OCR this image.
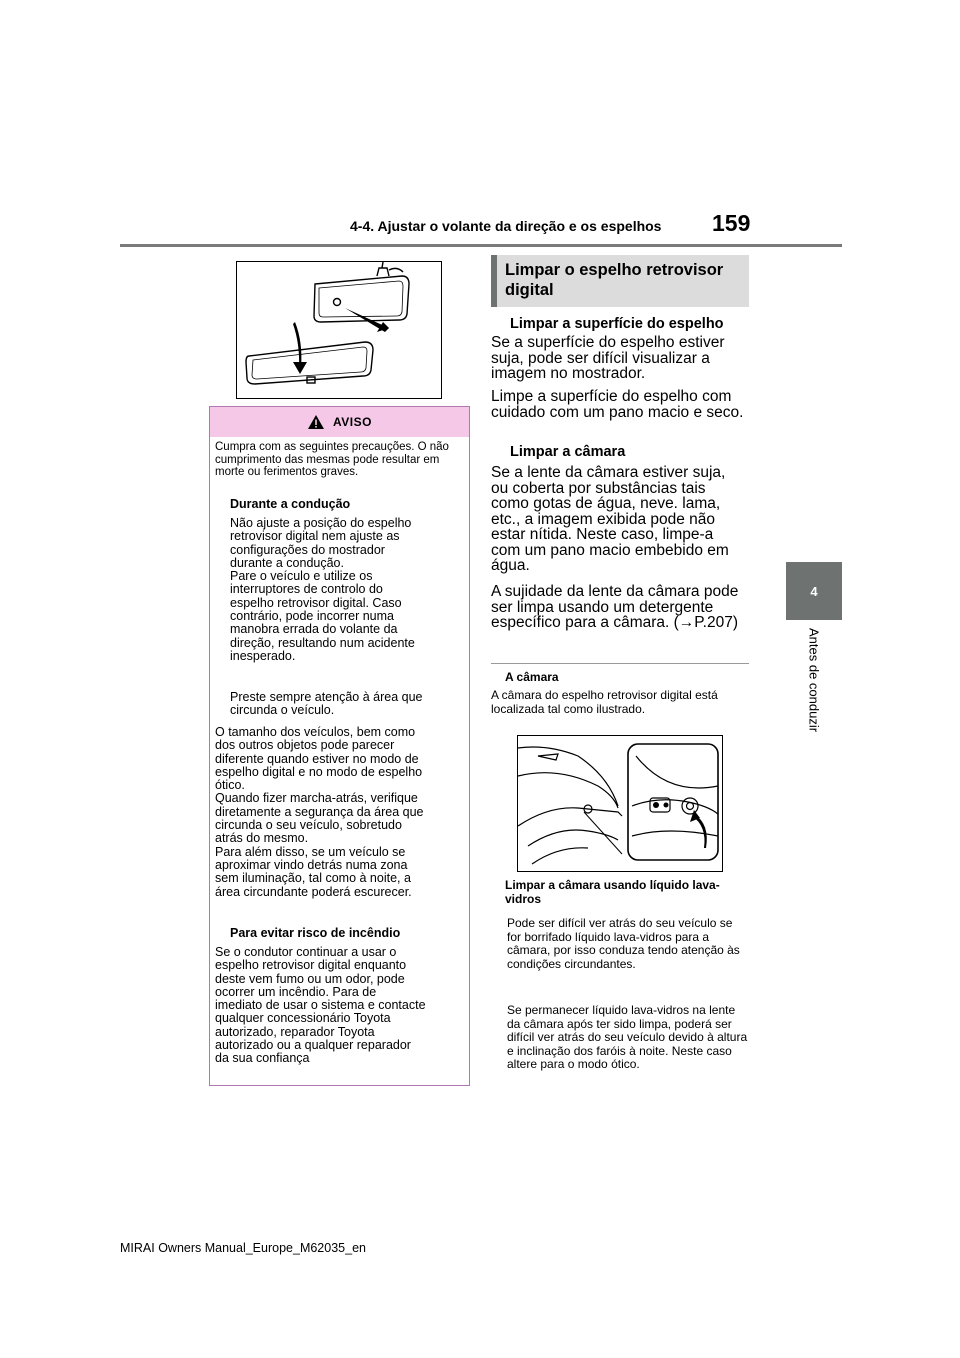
4-4. Ajustar o volante da direção e os espelhos 159
4
Antes de conduzir
AVISO
Cumpra com as seguintes precauções. O não cumprimento das mesmas pode resultar em morte ou ferimentos graves.
Durante a condução
Não ajuste a posição do espelho
retrovisor digital nem ajuste as
configurações do mostrador
durante a condução.
Pare o veículo e utilize os
interruptores de controlo do
espelho retrovisor digital. Caso
contrário, pode incorrer numa
manobra errada do volante da
direção, resultando num acidente
inesperado.
Preste sempre atenção à área que
circunda o veículo.
O tamanho dos veículos, bem como
dos outros objetos pode parecer
diferente quando estiver no modo de
espelho digital e no modo de espelho
ótico.
Quando fizer marcha-atrás, verifique
diretamente a segurança da área que
circunda o seu veículo, sobretudo
atrás do mesmo.
Para além disso, se um veículo se
aproximar vindo detrás numa zona
sem iluminação, tal como à noite, a
área circundante poderá escurecer.
Para evitar risco de incêndio
Se o condutor continuar a usar o
espelho retrovisor digital enquanto
deste vem fumo ou um odor, pode
ocorrer um incêndio. Para de
imediato de usar o sistema e contacte
qualquer concessionário Toyota
autorizado, reparador Toyota
autorizado ou a qualquer reparador
da sua confiança
Limpar o espelho retrovisor digital
Limpar a superfície do espelho
Se a superfície do espelho estiver suja, pode ser difícil visualizar a imagem no mostrador.
Limpe a superfície do espelho com cuidado com um pano macio e seco.
Limpar a câmara
Se a lente da câmara estiver suja, ou coberta por substâncias tais como gotas de água, neve. lama, etc., a imagem exibida pode não estar nítida. Neste caso, limpe-a com um pano macio embebido em água.
A sujidade da lente da câmara pode ser limpa usando um detergente específico para a câmara. (→P.207)
A câmara
A câmara do espelho retrovisor digital está localizada tal como ilustrado.
Limpar a câmara usando líquido lava-vidros
Pode ser difícil ver atrás do seu veículo se for borrifado líquido lava-vidros para a câmara, por isso conduza tendo atenção às condições circundantes.
Se permanecer líquido lava-vidros na lente da câmara após ter sido limpa, poderá ser difícil ver atrás do seu veículo devido à altura e inclinação dos faróis à noite. Neste caso altere para o modo ótico.
MIRAI Owners Manual_Europe_M62035_en
